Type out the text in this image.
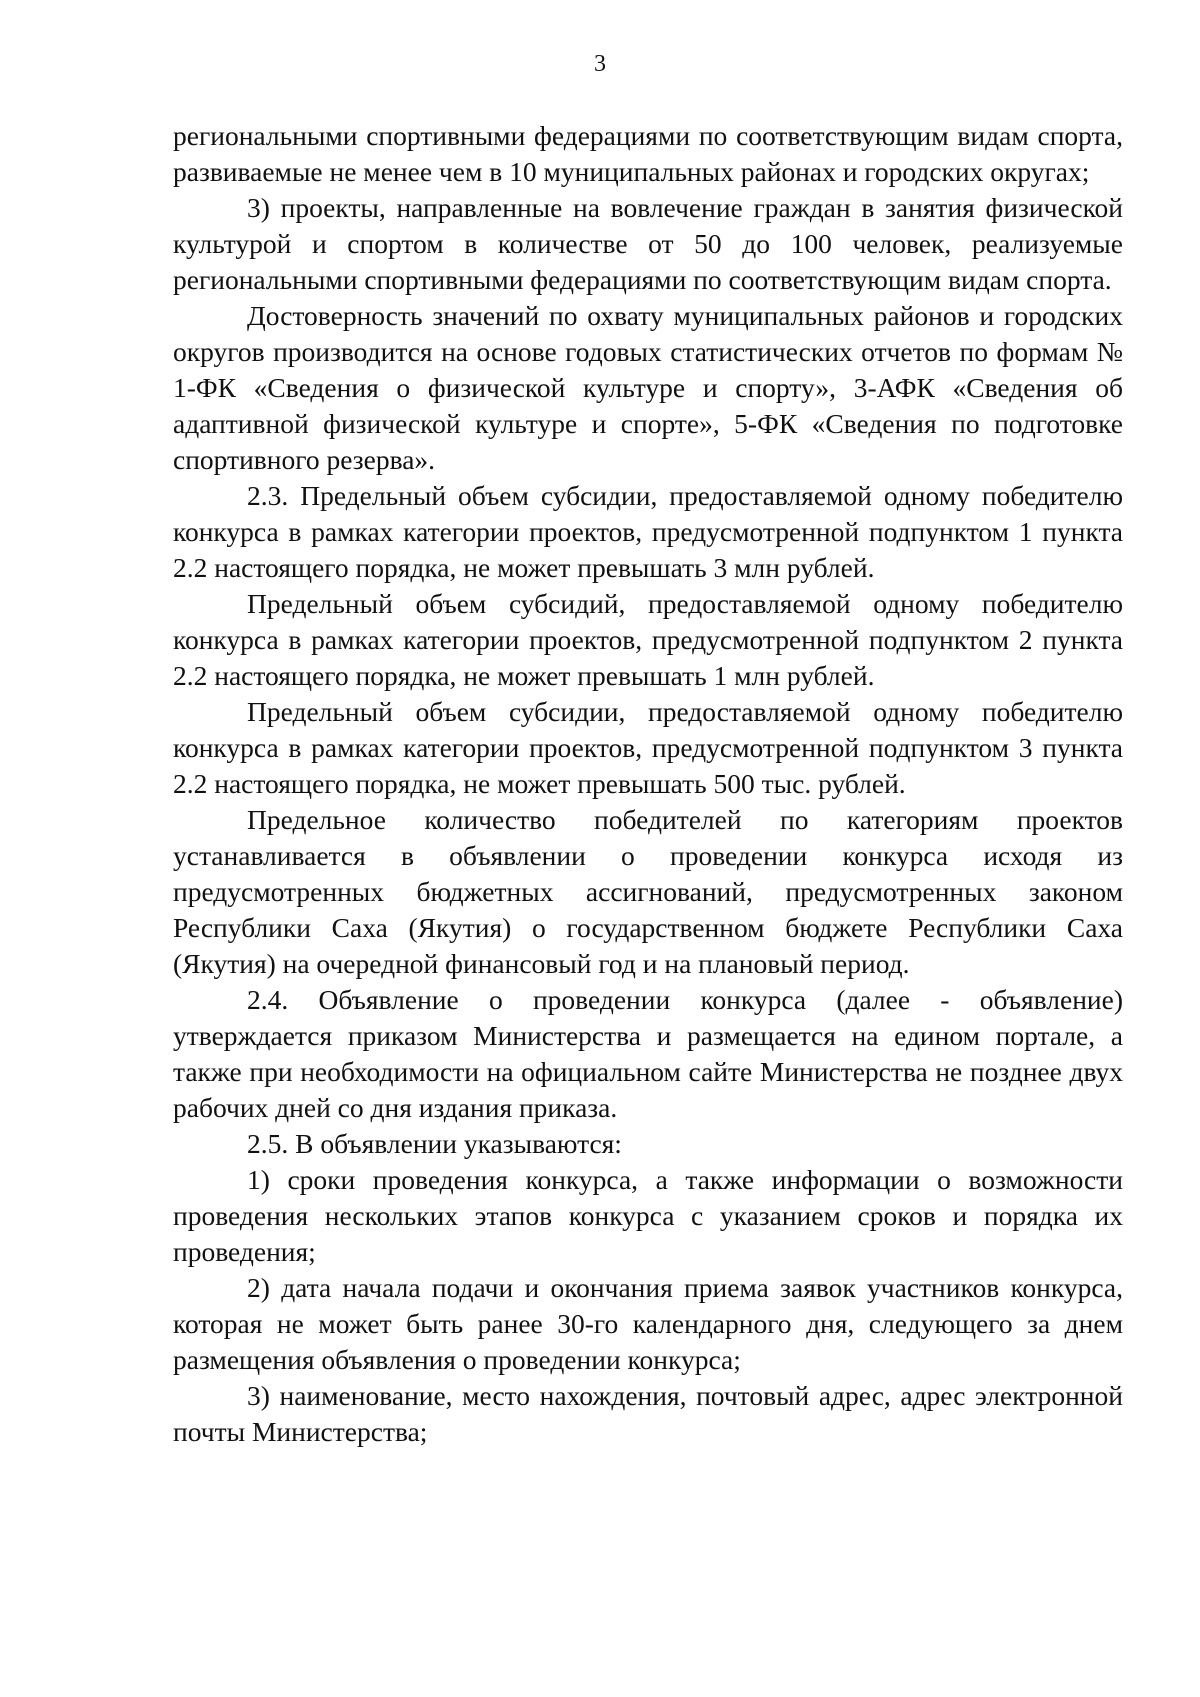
3

региональными спортивными федерациями по соответствующим видам спорта, развиваемые не менее чем в 10 муниципальных районах и городских округах;

3) проекты, направленные на вовлечение граждан в занятия физической культурой и спортом в количестве от 50 до 100 человек, реализуемые региональными спортивными федерациями по соответствующим видам спорта.

Достоверность значений по охвату муниципальных районов и городских округов производится на основе годовых статистических отчетов по формам № 1-ФК «Сведения о физической культуре и спорту», 3-АФК «Сведения об адаптивной физической культуре и спорте», 5-ФК «Сведения по подготовке спортивного резерва».

2.3. Предельный объем субсидии, предоставляемой одному победителю конкурса в рамках категории проектов, предусмотренной подпунктом 1 пункта 2.2 настоящего порядка, не может превышать 3 млн рублей.

Предельный объем субсидий, предоставляемой одному победителю конкурса в рамках категории проектов, предусмотренной подпунктом 2 пункта 2.2 настоящего порядка, не может превышать 1 млн рублей.

Предельный объем субсидии, предоставляемой одному победителю конкурса в рамках категории проектов, предусмотренной подпунктом 3 пункта 2.2 настоящего порядка, не может превышать 500 тыс. рублей.

Предельное количество победителей по категориям проектов устанавливается в объявлении о проведении конкурса исходя из предусмотренных бюджетных ассигнований, предусмотренных законом Республики Саха (Якутия) о государственном бюджете Республики Саха (Якутия) на очередной финансовый год и на плановый период.

2.4. Объявление о проведении конкурса (далее - объявление) утверждается приказом Министерства и размещается на едином портале, а также при необходимости на официальном сайте Министерства не позднее двух рабочих дней со дня издания приказа.

2.5. В объявлении указываются:

1) сроки проведения конкурса, а также информации о возможности проведения нескольких этапов конкурса с указанием сроков и порядка их проведения;

2) дата начала подачи и окончания приема заявок участников конкурса, которая не может быть ранее 30-го календарного дня, следующего за днем размещения объявления о проведении конкурса;

3) наименование, место нахождения, почтовый адрес, адрес электронной почты Министерства;
